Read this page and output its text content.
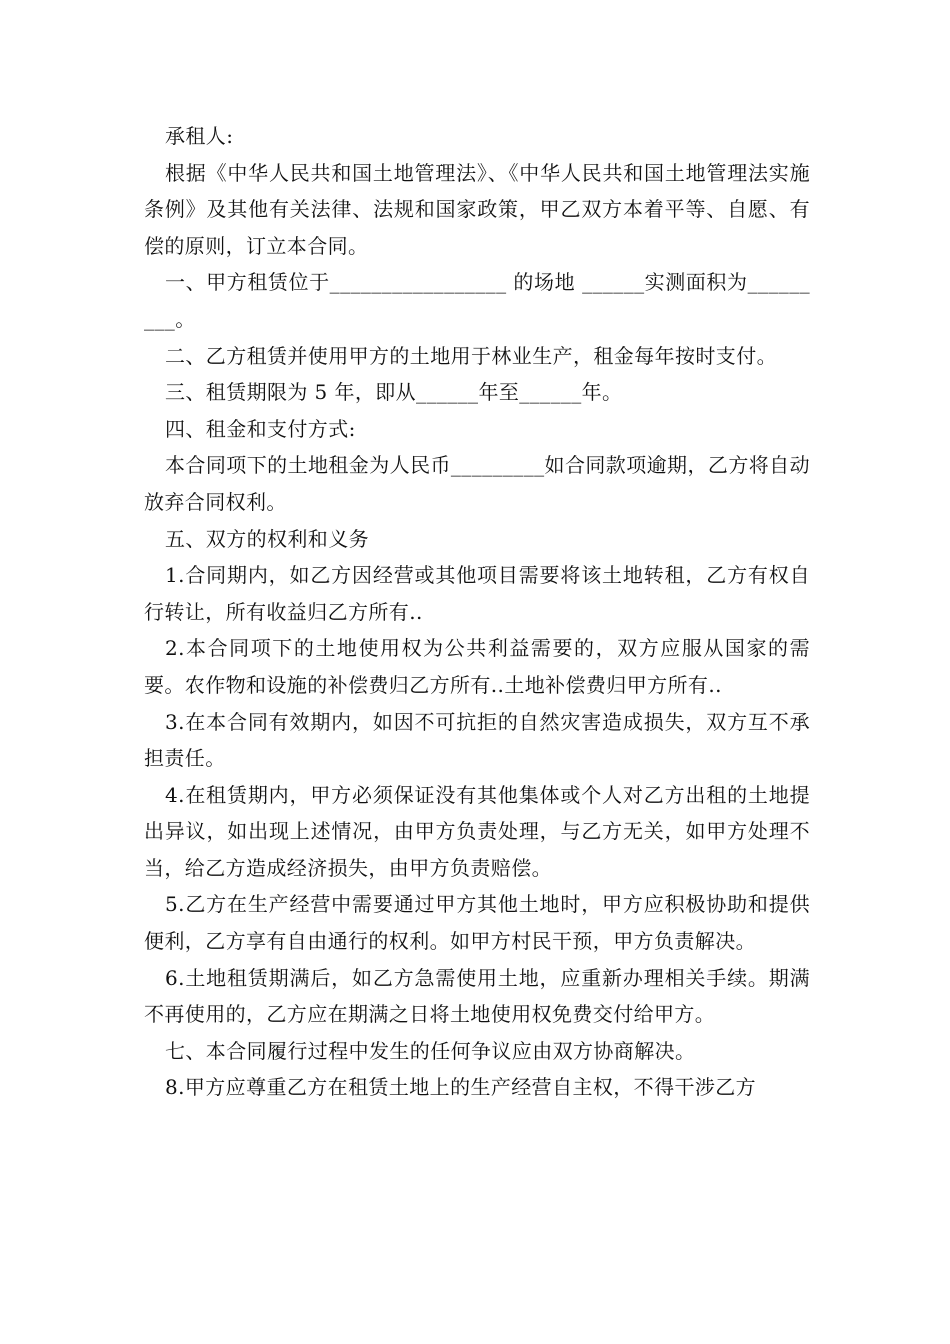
承租人:

根据《中华人民共和国土地管理法》、《中华人民共和国土地管理法实施条例》及其他有关法律、法规和国家政策，甲乙双方本着平等、自愿、有偿的原则，订立本合同。

一、甲方租赁位于_________________ 的场地 ______实测面积为_________。

二、乙方租赁并使用甲方的土地用于林业生产，租金每年按时支付。

三、租赁期限为 5 年，即从______年至______年。

四、租金和支付方式:

本合同项下的土地租金为人民币_________如合同款项逾期，乙方将自动放弃合同权利。

五、双方的权利和义务

1.合同期内，如乙方因经营或其他项目需要将该土地转租，乙方有权自行转让，所有收益归乙方所有..

2.本合同项下的土地使用权为公共利益需要的，双方应服从国家的需要。农作物和设施的补偿费归乙方所有..土地补偿费归甲方所有..

3.在本合同有效期内，如因不可抗拒的自然灾害造成损失，双方互不承担责任。

4.在租赁期内，甲方必须保证没有其他集体或个人对乙方出租的土地提出异议，如出现上述情况，由甲方负责处理，与乙方无关，如甲方处理不当，给乙方造成经济损失，由甲方负责赔偿。

5.乙方在生产经营中需要通过甲方其他土地时，甲方应积极协助和提供便利，乙方享有自由通行的权利。如甲方村民干预，甲方负责解决。

6.土地租赁期满后，如乙方急需使用土地，应重新办理相关手续。期满不再使用的，乙方应在期满之日将土地使用权免费交付给甲方。

七、本合同履行过程中发生的任何争议应由双方协商解决。

8.甲方应尊重乙方在租赁土地上的生产经营自主权，不得干涉乙方
